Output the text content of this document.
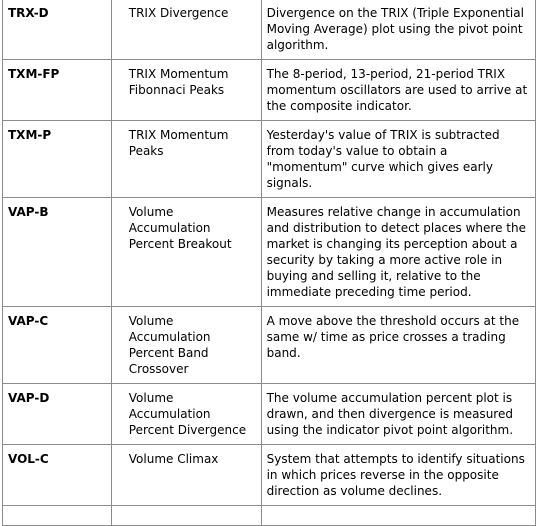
TRX-D	TRIX Divergence	Divergence on the TRIX (Triple Exponential Moving Average) plot using the pivot point algorithm.
TXM-FP	TRIX Momentum Fibonnaci Peaks	The 8-period, 13-period, 21-period TRIX momentum oscillators are used to arrive at the composite indicator.
TXM-P	TRIX Momentum Peaks	Yesterday's value of TRIX is subtracted from today's value to obtain a "momentum" curve which gives early signals.
VAP-B	Volume Accumulation Percent Breakout	Measures relative change in accumulation and distribution to detect places where the market is changing its perception about a security by taking a more active role in buying and selling it, relative to the immediate preceding time period.
VAP-C	Volume Accumulation Percent Band Crossover	A move above the threshold occurs at the same w/ time as price crosses a trading band.
VAP-D	Volume Accumulation Percent Divergence	The volume accumulation percent plot is drawn, and then divergence is measured using the indicator pivot point algorithm.
VOL-C	Volume Climax	System that attempts to identify situations in which prices reverse in the opposite direction as volume declines.
